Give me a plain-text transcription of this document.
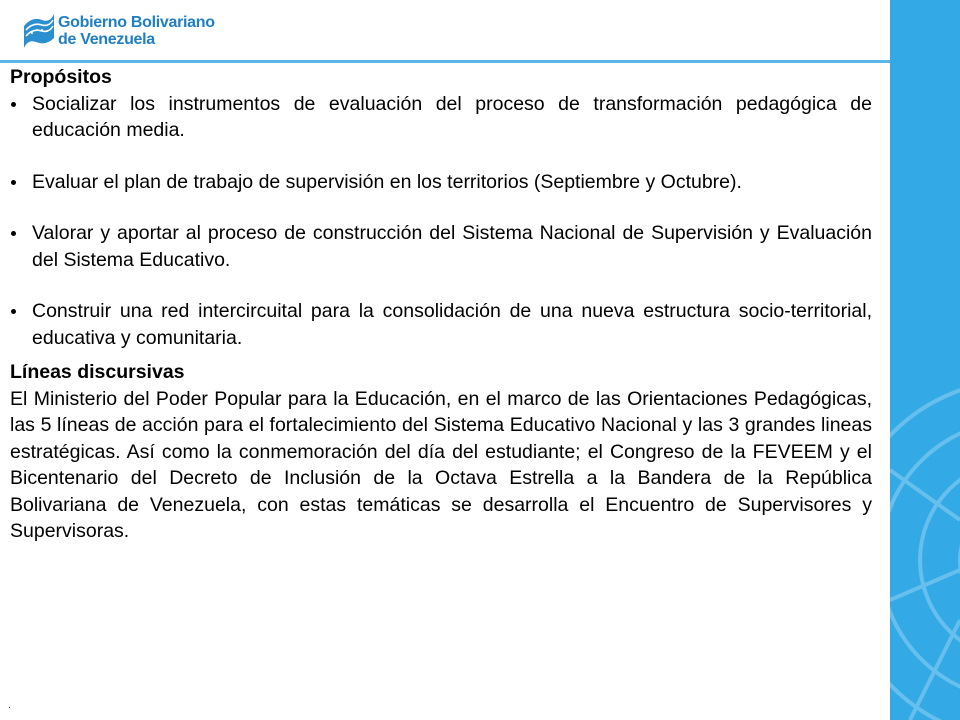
Gobierno Bolivariano
de Venezuela

Propósitos

Socializar los instrumentos de evaluación del proceso de transformación pedagógica de educación media.
Evaluar el plan de trabajo de supervisión en los territorios (Septiembre y Octubre).
Valorar y aportar al proceso de construcción del Sistema Nacional de Supervisión y Evaluación del Sistema Educativo.
Construir una red intercircuital para la consolidación de una nueva estructura socio-territorial, educativa y comunitaria.

Líneas discursivas

El Ministerio del Poder Popular para la Educación, en el marco de las Orientaciones Pedagógicas, las 5 líneas de acción para el fortalecimiento del Sistema Educativo Nacional y las 3 grandes lineas estratégicas. Así como la conmemoración del día del estudiante; el Congreso de la FEVEEM y el Bicentenario del Decreto de Inclusión de la Octava Estrella a la Bandera de la República Bolivariana de Venezuela, con estas temáticas se desarrolla el Encuentro de Supervisores y Supervisoras.

.
